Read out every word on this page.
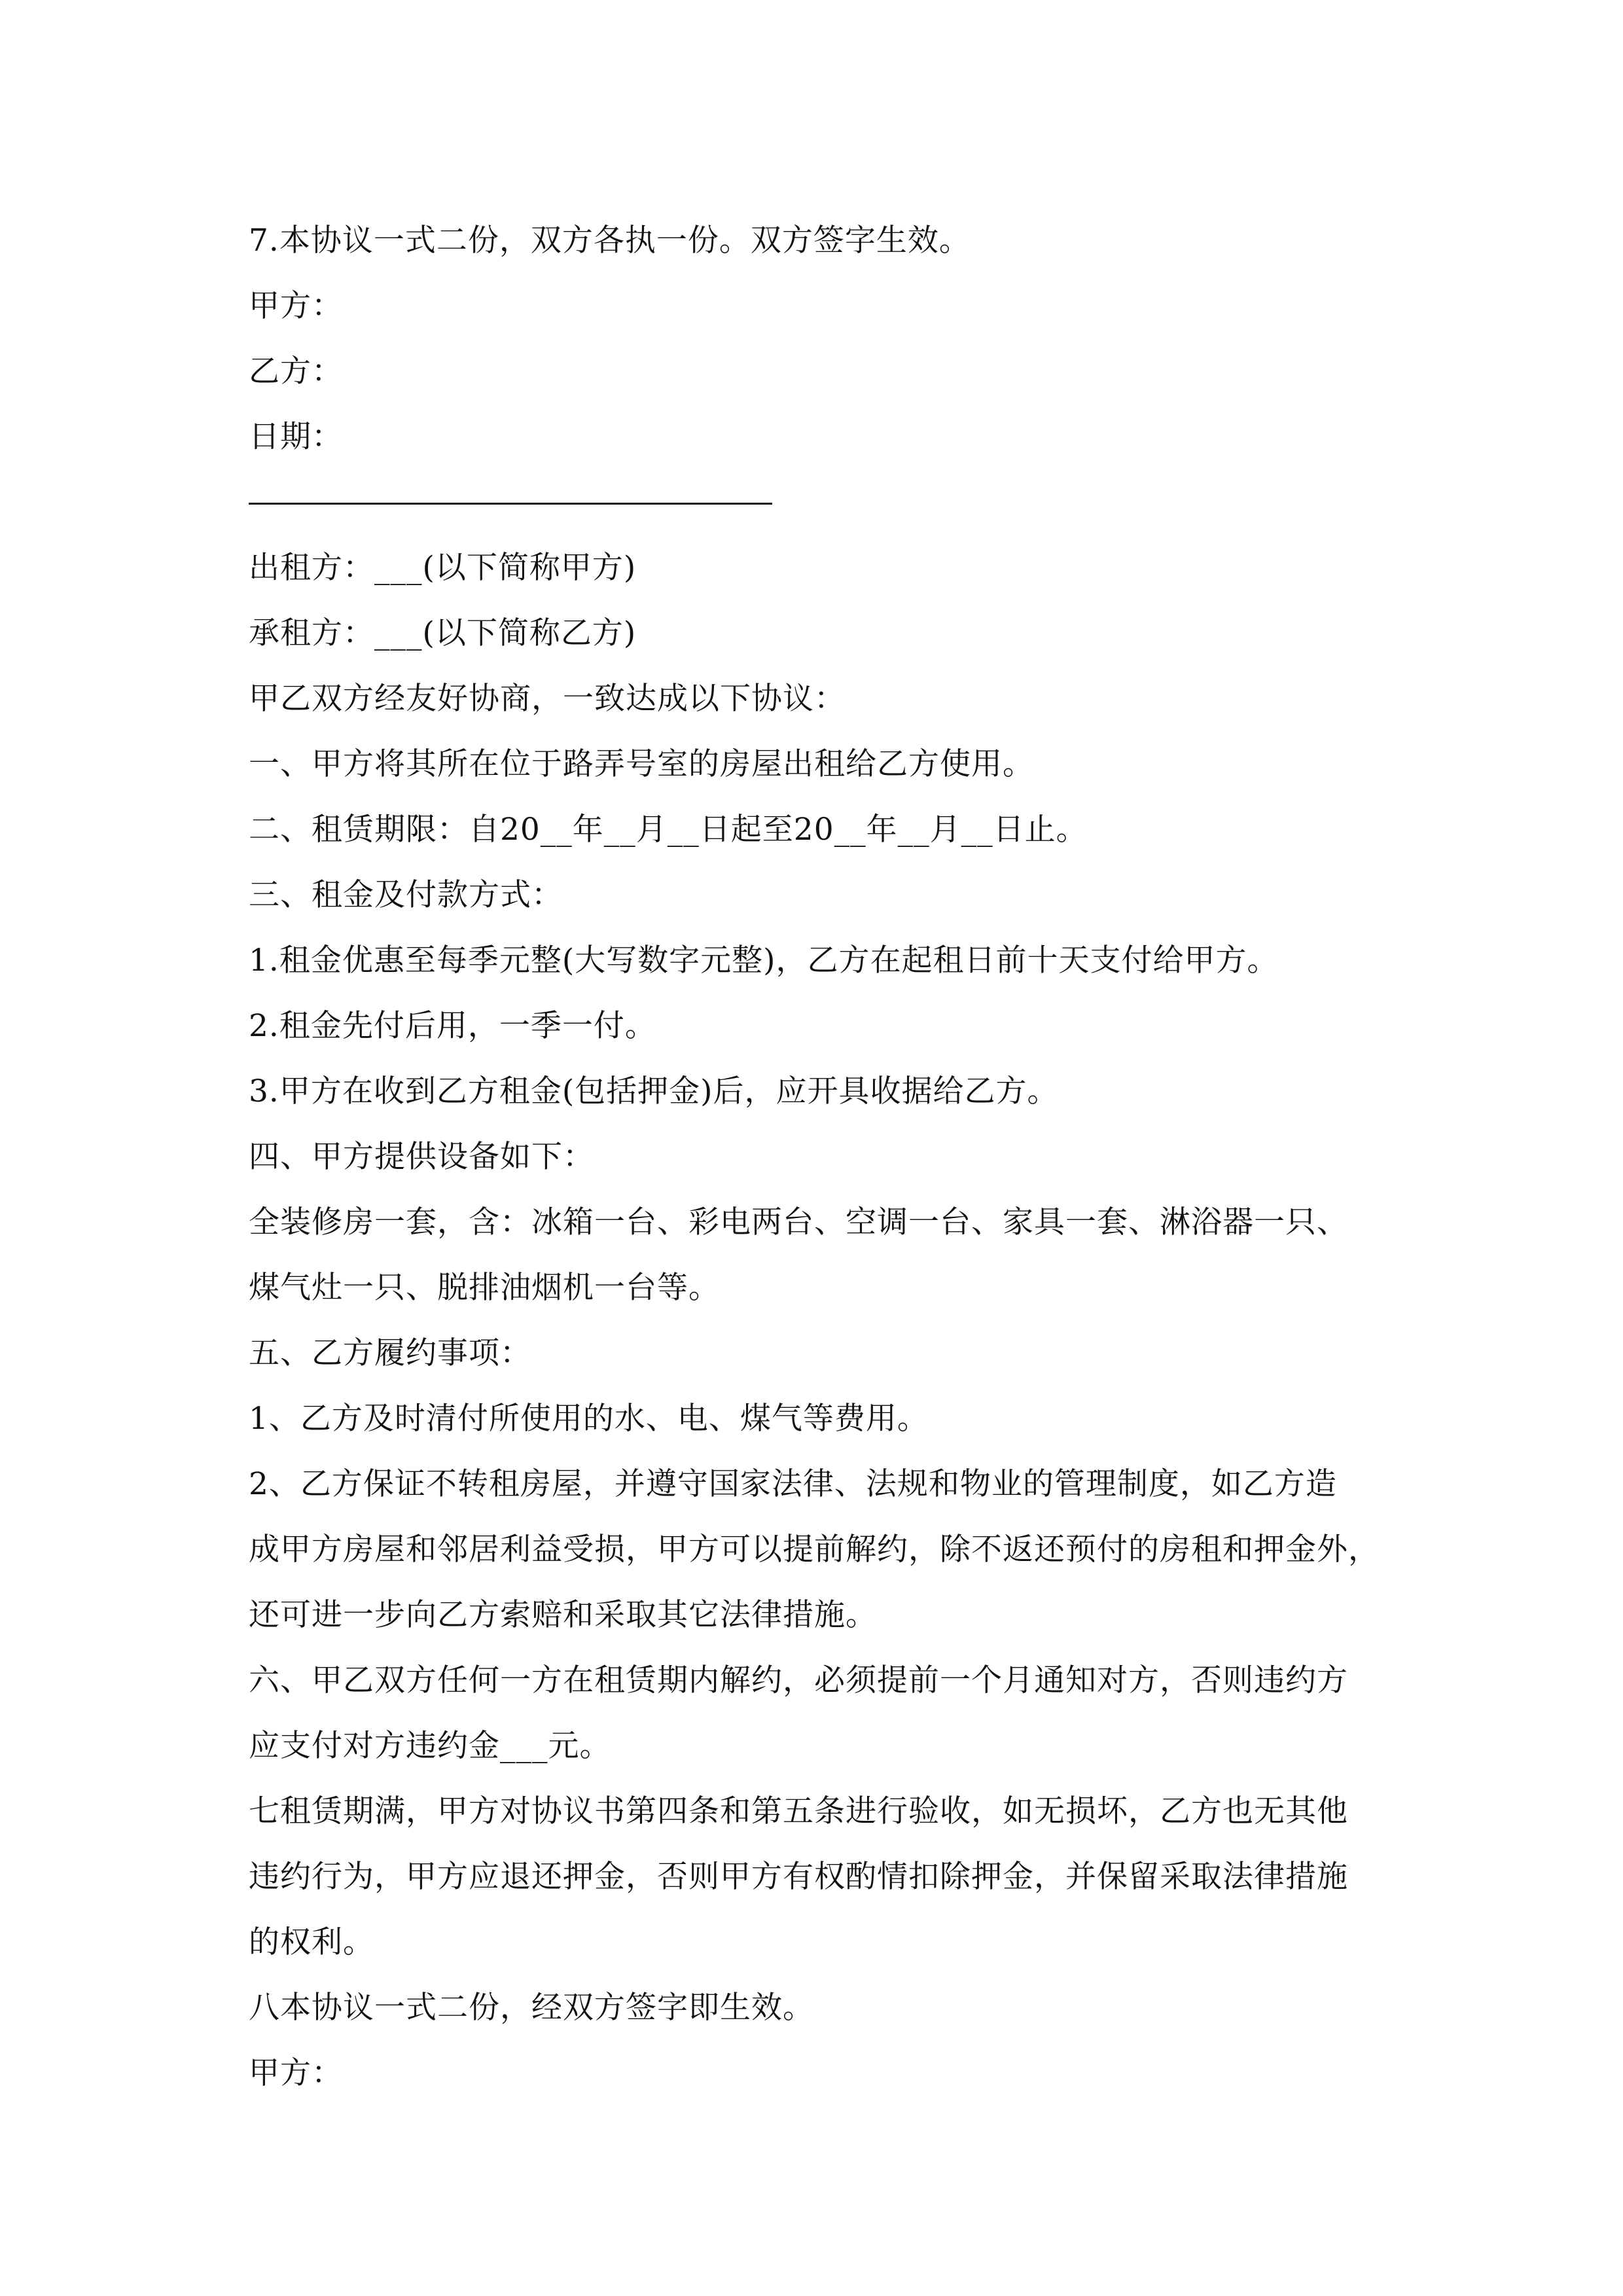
7.本协议一式二份，双方各执一份。双方签字生效。
甲方：
乙方：
日期：
出租方：___(以下简称甲方)
承租方：___(以下简称乙方)
甲乙双方经友好协商，一致达成以下协议：
一、甲方将其所在位于路弄号室的房屋出租给乙方使用。
二、租赁期限：自20__年__月__日起至20__年__月__日止。
三、租金及付款方式：
1.租金优惠至每季元整(大写数字元整)，乙方在起租日前十天支付给甲方。
2.租金先付后用，一季一付。
3.甲方在收到乙方租金(包括押金)后，应开具收据给乙方。
四、甲方提供设备如下：
全装修房一套，含：冰箱一台、彩电两台、空调一台、家具一套、淋浴器一只、
煤气灶一只、脱排油烟机一台等。
五、乙方履约事项：
1、乙方及时清付所使用的水、电、煤气等费用。
2、乙方保证不转租房屋，并遵守国家法律、法规和物业的管理制度，如乙方造
成甲方房屋和邻居利益受损，甲方可以提前解约，除不返还预付的房租和押金外，
还可进一步向乙方索赔和采取其它法律措施。
六、甲乙双方任何一方在租赁期内解约，必须提前一个月通知对方，否则违约方
应支付对方违约金___元。
七租赁期满，甲方对协议书第四条和第五条进行验收，如无损坏，乙方也无其他
违约行为，甲方应退还押金，否则甲方有权酌情扣除押金，并保留采取法律措施
的权利。
八本协议一式二份，经双方签字即生效。
甲方：
